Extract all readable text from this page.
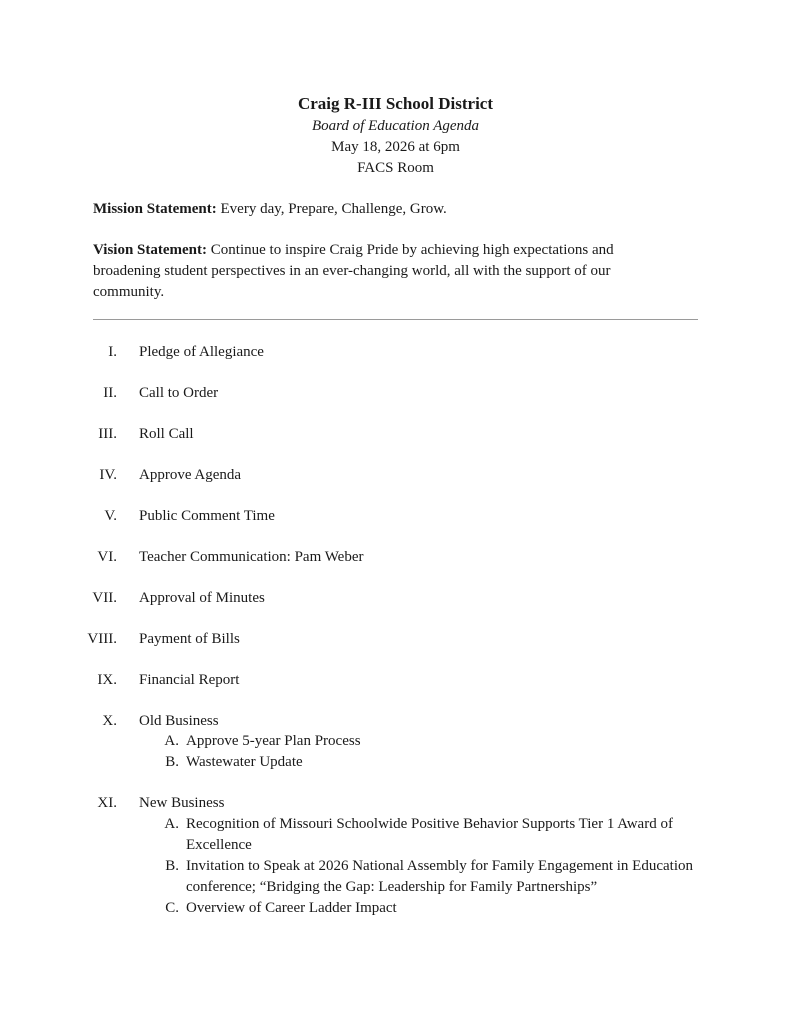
Craig R-III School District
Board of Education Agenda
May 18, 2026 at 6pm
FACS Room
Mission Statement: Every day, Prepare, Challenge, Grow.
Vision Statement: Continue to inspire Craig Pride by achieving high expectations and broadening student perspectives in an ever-changing world, all with the support of our community.
I. Pledge of Allegiance
II. Call to Order
III. Roll Call
IV. Approve Agenda
V. Public Comment Time
VI. Teacher Communication: Pam Weber
VII. Approval of Minutes
VIII. Payment of Bills
IX. Financial Report
X. Old Business
A. Approve 5-year Plan Process
B. Wastewater Update
XI. New Business
A. Recognition of Missouri Schoolwide Positive Behavior Supports Tier 1 Award of Excellence
B. Invitation to Speak at 2026 National Assembly for Family Engagement in Education conference; “Bridging the Gap: Leadership for Family Partnerships”
C. Overview of Career Ladder Impact
